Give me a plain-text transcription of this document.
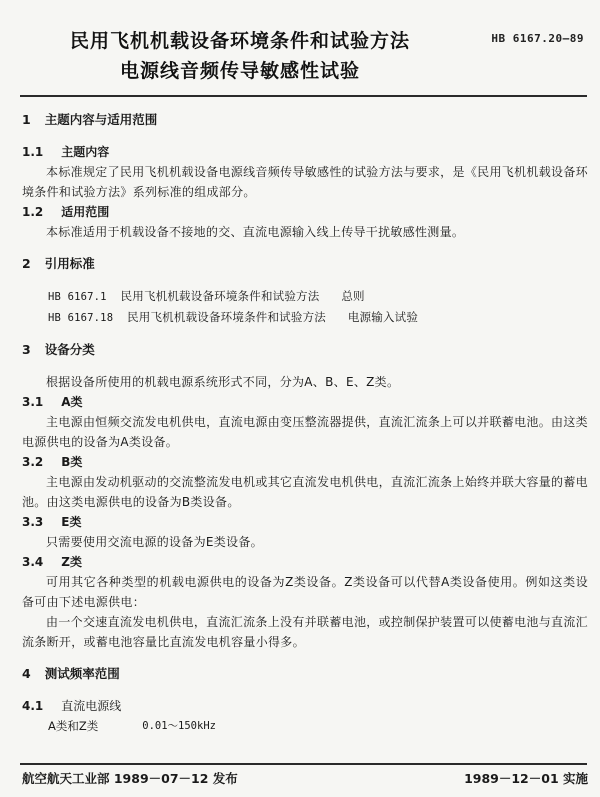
民用飞机机载设备环境条件和试验方法
电源线音频传导敏感性试验
HB 6167.20—89
1 主题内容与适用范围
1.1 主题内容
本标准规定了民用飞机机载设备电源线音频传导敏感性的试验方法与要求，是《民用飞机机载设备环境条件和试验方法》系列标准的组成部分。
1.2 适用范围
本标准适用于机载设备不接地的交、直流电源输入线上传导干扰敏感性测量。
2 引用标准
HB 6167.1 民用飞机机载设备环境条件和试验方法 总则
HB 6167.18 民用飞机机载设备环境条件和试验方法 电源输入试验
3 设备分类
根据设备所使用的机载电源系统形式不同，分为A、B、E、Z类。
3.1 A类
主电源由恒频交流发电机供电，直流电源由变压整流器提供，直流汇流条上可以并联蓄电池。由这类电源供电的设备为A类设备。
3.2 B类
主电源由发动机驱动的交流整流发电机或其它直流发电机供电，直流汇流条上始终并联大容量的蓄电池。由这类电源供电的设备为B类设备。
3.3 E类
只需要使用交流电源的设备为E类设备。
3.4 Z类
可用其它各种类型的机载电源供电的设备为Z类设备。Z类设备可以代替A类设备使用。例如这类设备可由下述电源供电：
由一个交速直流发电机供电，直流汇流条上没有并联蓄电池，或控制保护装置可以使蓄电池与直流汇流条断开，或蓄电池容量比直流发电机容量小得多。
4 测试频率范围
4.1 直流电源线
A类和Z类	0.01～150kHz
航空航天工业部 1989－07－12 发布	1989－12－01 实施
